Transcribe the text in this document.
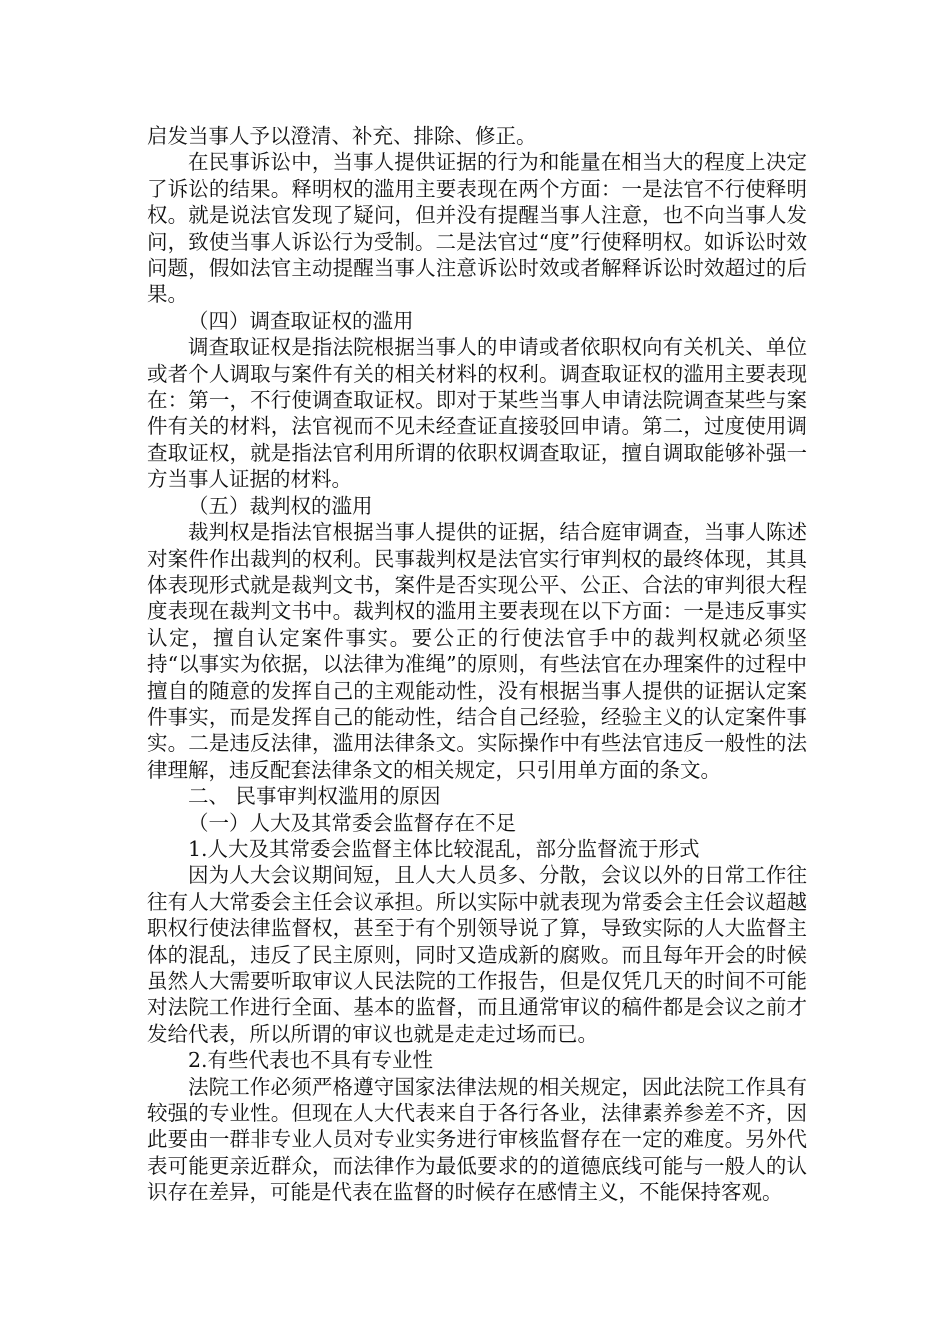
启发当事人予以澄清、补充、排除、修正。

在民事诉讼中，当事人提供证据的行为和能量在相当大的程度上决定了诉讼的结果。释明权的滥用主要表现在两个方面：一是法官不行使释明权。就是说法官发现了疑问，但并没有提醒当事人注意，也不向当事人发问，致使当事人诉讼行为受制。二是法官过“度”行使释明权。如诉讼时效问题，假如法官主动提醒当事人注意诉讼时效或者解释诉讼时效超过的后果。

（四）调查取证权的滥用

调查取证权是指法院根据当事人的申请或者依职权向有关机关、单位或者个人调取与案件有关的相关材料的权利。调查取证权的滥用主要表现在：第一，不行使调查取证权。即对于某些当事人申请法院调查某些与案件有关的材料，法官视而不见未经查证直接驳回申请。第二，过度使用调查取证权，就是指法官利用所谓的依职权调查取证，擅自调取能够补强一方当事人证据的材料。

（五）裁判权的滥用

裁判权是指法官根据当事人提供的证据，结合庭审调查，当事人陈述对案件作出裁判的权利。民事裁判权是法官实行审判权的最终体现，其具体表现形式就是裁判文书，案件是否实现公平、公正、合法的审判很大程度表现在裁判文书中。裁判权的滥用主要表现在以下方面：一是违反事实认定，擅自认定案件事实。要公正的行使法官手中的裁判权就必须坚持“以事实为依据，以法律为准绳”的原则，有些法官在办理案件的过程中擅自的随意的发挥自己的主观能动性，没有根据当事人提供的证据认定案件事实，而是发挥自己的能动性，结合自己经验，经验主义的认定案件事实。二是违反法律，滥用法律条文。实际操作中有些法官违反一般性的法律理解，违反配套法律条文的相关规定，只引用单方面的条文。

二、 民事审判权滥用的原因

（一）人大及其常委会监督存在不足

1.人大及其常委会监督主体比较混乱，部分监督流于形式

因为人大会议期间短，且人大人员多、分散，会议以外的日常工作往往有人大常委会主任会议承担。所以实际中就表现为常委会主任会议超越职权行使法律监督权，甚至于有个别领导说了算，导致实际的人大监督主体的混乱，违反了民主原则，同时又造成新的腐败。而且每年开会的时候虽然人大需要听取审议人民法院的工作报告，但是仅凭几天的时间不可能对法院工作进行全面、基本的监督，而且通常审议的稿件都是会议之前才发给代表，所以所谓的审议也就是走走过场而已。

2.有些代表也不具有专业性

法院工作必须严格遵守国家法律法规的相关规定，因此法院工作具有较强的专业性。但现在人大代表来自于各行各业，法律素养参差不齐，因此要由一群非专业人员对专业实务进行审核监督存在一定的难度。另外代表可能更亲近群众，而法律作为最低要求的的道德底线可能与一般人的认识存在差异，可能是代表在监督的时候存在感情主义，不能保持客观。
